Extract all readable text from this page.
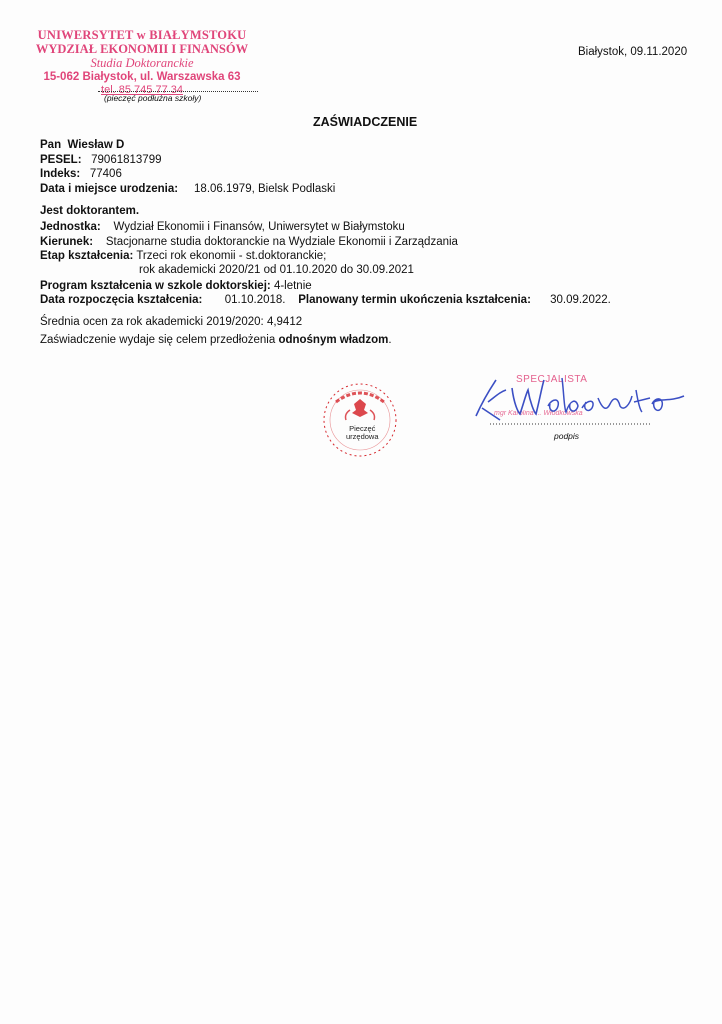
UNIWERSYTET w BIAŁYMSTOKU
WYDZIAŁ EKONOMII I FINANSÓW
Studia Doktoranckie
15-062 Białystok, ul. Warszawska 63
tel. 85 745 77 34
(pieczęć podłużna szkoły)
Białystok, 09.11.2020
ZAŚWIADCZENIE
Pan Wiesław D
PESEL: 79061813799
Indeks: 77406
Data i miejsce urodzenia: 18.06.1979, Bielsk Podlaski
Jest doktorantem.
Jednostka: Wydział Ekonomii i Finansów, Uniwersytet w Białymstoku
Kierunek: Stacjonarne studia doktoranckie na Wydziale Ekonomii i Zarządzania
Etap kształcenia: Trzeci rok ekonomii - st.doktoranckie;
rok akademicki 2020/21 od 01.10.2020 do 30.09.2021
Program kształcenia w szkole doktorskiej: 4-letnie
Data rozpoczęcia kształcenia: 01.10.2018. Planowany termin ukończenia kształcenia: 30.09.2022.
Średnia ocen za rok akademicki 2019/2020: 4,9412
Zaświadczenie wydaje się celem przedłożenia odnośnym władzom.
Pieczęć
urzędowa
SPECJALISTA
mgr Karolina ... Włodkowska
podpis
